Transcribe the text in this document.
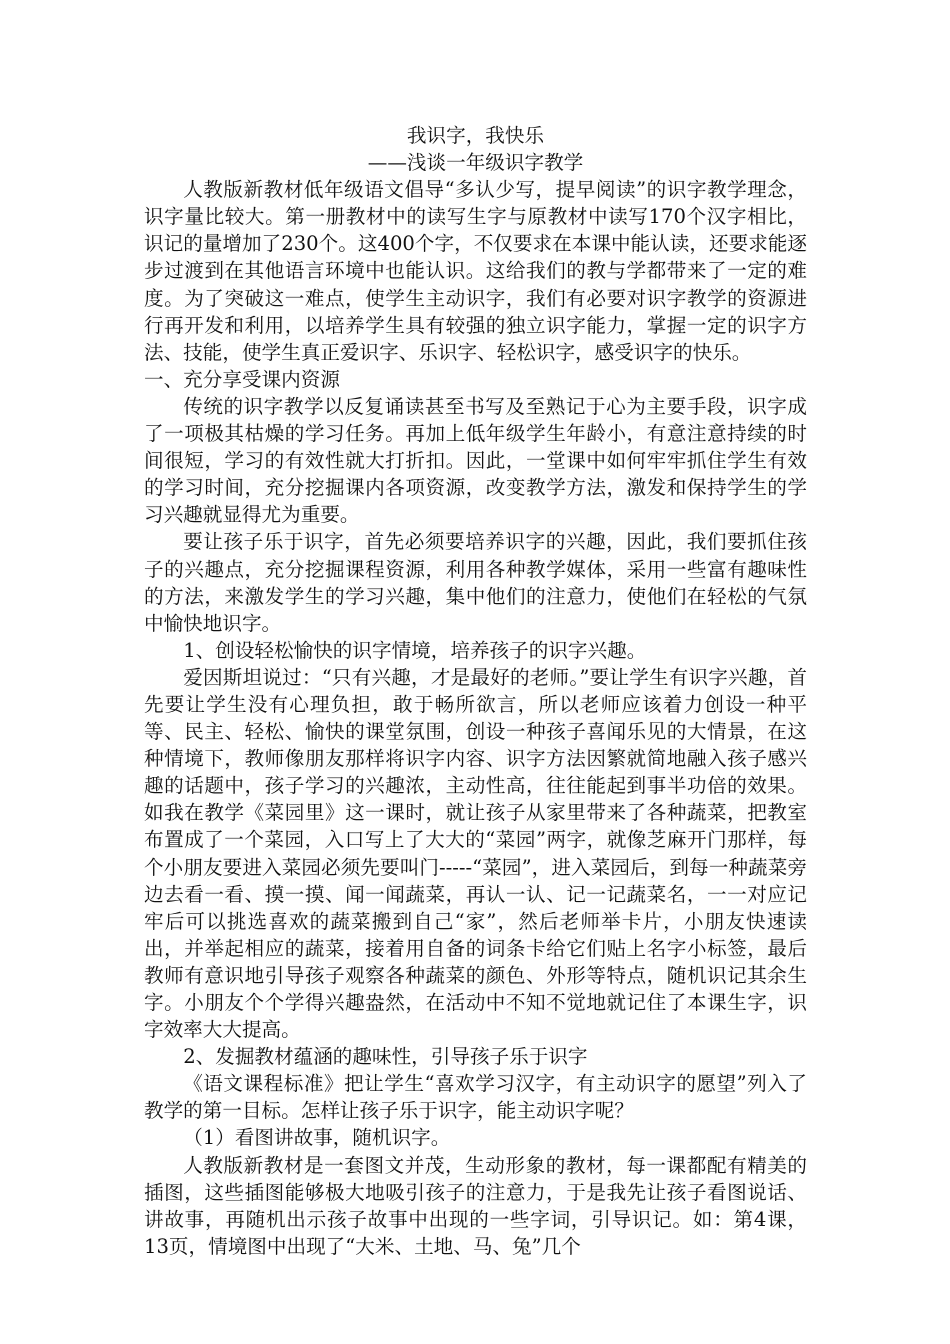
我识字，我快乐
——浅谈一年级识字教学

人教版新教材低年级语文倡导“多认少写，提早阅读”的识字教学理念，识字量比较大。第一册教材中的读写生字与原教材中读写170个汉字相比，识记的量增加了230个。这400个字，不仅要求在本课中能认读，还要求能逐步过渡到在其他语言环境中也能认识。这给我们的教与学都带来了一定的难度。为了突破这一难点，使学生主动识字，我们有必要对识字教学的资源进行再开发和利用，以培养学生具有较强的独立识字能力，掌握一定的识字方法、技能，使学生真正爱识字、乐识字、轻松识字，感受识字的快乐。

一、充分享受课内资源

传统的识字教学以反复诵读甚至书写及至熟记于心为主要手段，识字成了一项极其枯燥的学习任务。再加上低年级学生年龄小，有意注意持续的时间很短，学习的有效性就大打折扣。因此，一堂课中如何牢牢抓住学生有效的学习时间，充分挖掘课内各项资源，改变教学方法，激发和保持学生的学习兴趣就显得尤为重要。

要让孩子乐于识字，首先必须要培养识字的兴趣，因此，我们要抓住孩子的兴趣点，充分挖掘课程资源，利用各种教学媒体，采用一些富有趣味性的方法，来激发学生的学习兴趣，集中他们的注意力，使他们在轻松的气氛中愉快地识字。

1、创设轻松愉快的识字情境，培养孩子的识字兴趣。

爱因斯坦说过：“只有兴趣，才是最好的老师。”要让学生有识字兴趣，首先要让学生没有心理负担，敢于畅所欲言，所以老师应该着力创设一种平等、民主、轻松、愉快的课堂氛围，创设一种孩子喜闻乐见的大情景，在这种情境下，教师像朋友那样将识字内容、识字方法因繁就简地融入孩子感兴趣的话题中，孩子学习的兴趣浓，主动性高，往往能起到事半功倍的效果。如我在教学《菜园里》这一课时，就让孩子从家里带来了各种蔬菜，把教室布置成了一个菜园，入口写上了大大的“菜园”两字，就像芝麻开门那样，每个小朋友要进入菜园必须先要叫门-----“菜园”，进入菜园后，到每一种蔬菜旁边去看一看、摸一摸、闻一闻蔬菜，再认一认、记一记蔬菜名，一一对应记牢后可以挑选喜欢的蔬菜搬到自己“家”，然后老师举卡片，小朋友快速读出，并举起相应的蔬菜，接着用自备的词条卡给它们贴上名字小标签，最后教师有意识地引导孩子观察各种蔬菜的颜色、外形等特点，随机识记其余生字。小朋友个个学得兴趣盎然，在活动中不知不觉地就记住了本课生字，识字效率大大提高。

2、发掘教材蕴涵的趣味性，引导孩子乐于识字

《语文课程标准》把让学生“喜欢学习汉字，有主动识字的愿望”列入了教学的第一目标。怎样让孩子乐于识字，能主动识字呢？

（1）看图讲故事，随机识字。

人教版新教材是一套图文并茂，生动形象的教材，每一课都配有精美的插图，这些插图能够极大地吸引孩子的注意力，于是我先让孩子看图说话、讲故事，再随机出示孩子故事中出现的一些字词，引导识记。如：第4课，13页，情境图中出现了“大米、土地、马、兔”几个
